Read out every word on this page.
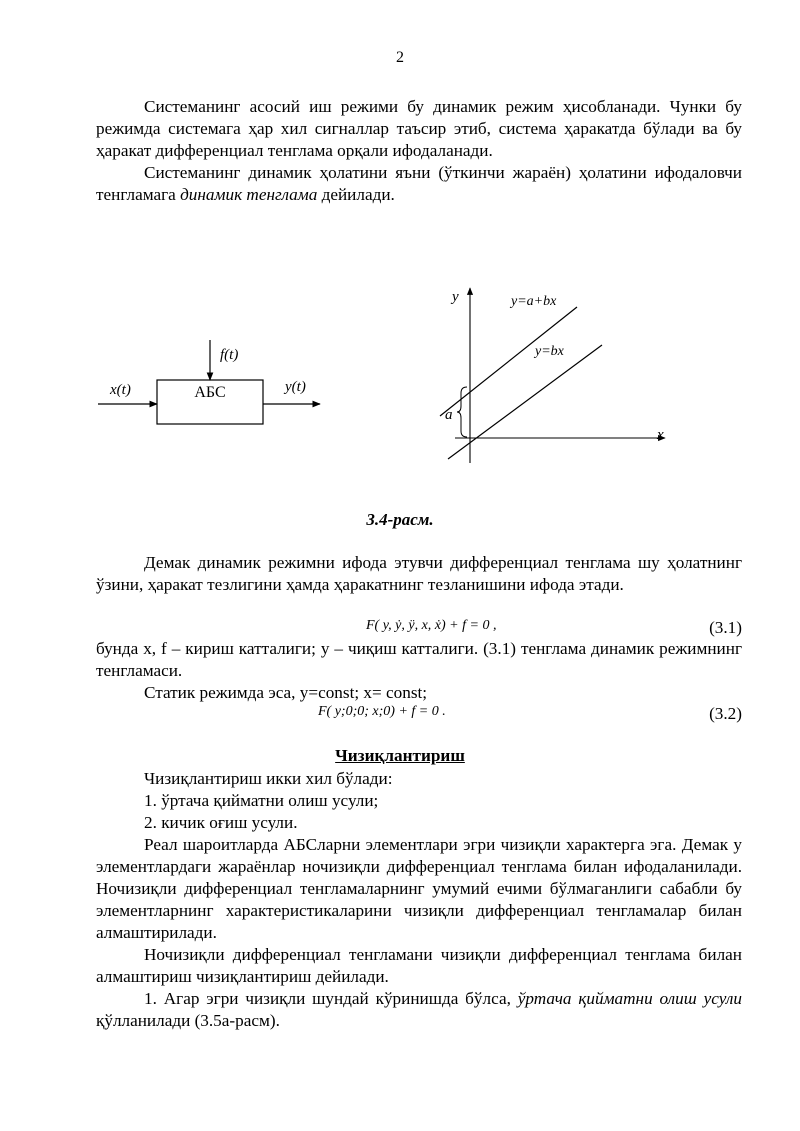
2
Системанинг асосий иш режими бу динамик режим ҳисобланади. Чунки бу режимда системага ҳар хил сигналлар таъсир этиб, система ҳаракатда бўлади ва бу ҳаракат дифференциал тенглама орқали ифодаланади.
Системанинг динамик ҳолатини яъни (ўткинчи жараён) ҳолатини ифодаловчи тенгламага динамик тенглама дейилади.
АБС
x(t)	y(t)
f(t)
y
x
y=a+bx
y=bx
a
3.4-расм.
Демак динамик режимни ифода этувчи дифференциал тенглама шу ҳолатнинг ўзини, ҳаракат тезлигини ҳамда ҳаракатнинг тезланишини ифода этади.
F( y, ẏ, ÿ, x, ẋ) + f = 0 ,	(3.1)
бунда x, f – кириш катталиги; y – чиқиш катталиги. (3.1) тенглама динамик режимнинг тенгламаси.
Статик режимда эса, y=const; x= const;
F( y;0;0; x;0) + f = 0 .	(3.2)
Чизиқлантириш
Чизиқлантириш икки хил бўлади:
1. ўртача қийматни олиш усули;
2. кичик оғиш усули.
Реал шароитларда АБСларни элементлари эгри чизиқли характерга эга. Демак у элементлардаги жараёнлар ночизиқли дифференциал тенглама билан ифодаланилади. Ночизиқли дифференциал тенгламаларнинг умумий ечими бўлмаганлиги сабабли бу элементларнинг характеристикаларини чизиқли дифференциал тенгламалар билан алмаштирилади.
Ночизиқли дифференциал тенгламани чизиқли дифференциал тенглама билан алмаштириш чизиқлантириш дейилади.
1. Агар эгри чизиқли шундай кўринишда бўлса, ўртача қийматни олиш усули қўлланилади (3.5а-расм).
